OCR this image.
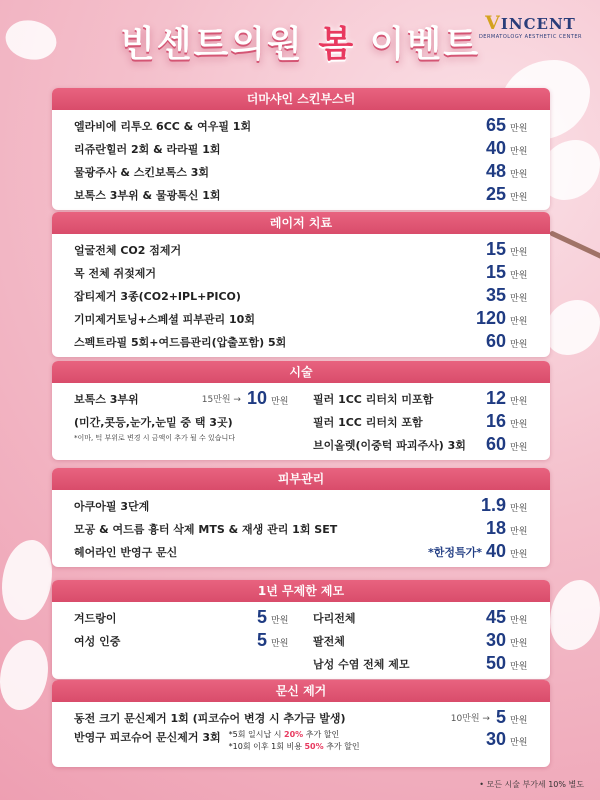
빈센트의원 봄 이벤트
VINCENT
DERMATOLOGY AESTHETIC CENTER
더마샤인 스킨부스터
엘라비에 리투오 6CC & 여우필 1회	65 만원
리쥬란힐러 2회 & 라라필 1회	40 만원
물광주사 & 스킨보톡스 3회	48 만원
보톡스 3부위 & 물광톡신 1회	25 만원
레이저 치료
얼굴전체 CO2 점제거	15 만원
목 전체 쥐젖제거	15 만원
잡티제거 3종(CO2+IPL+PICO)	35 만원
기미제거토닝+스페셜 피부관리 10회	120 만원
스펙트라필 5회+여드름관리(압출포함) 5회	60 만원
시술
보톡스 3부위	15만원 → 10 만원
(미간,콧등,눈가,눈밑 중 택 3곳)
*이마, 턱 부위로 변경 시 금액이 추가 될 수 있습니다
필러 1CC 리터치 미포함	12 만원
필러 1CC 리터치 포함	16 만원
브이올렛(이중턱 파괴주사) 3회	60 만원
피부관리
아쿠아필 3단계	1.9 만원
모공 & 여드름 흉터 삭제 MTS & 재생 관리 1회 SET	18 만원
헤어라인 반영구 문신	*한정특가* 40 만원
1년 무제한 제모
겨드랑이	5 만원
여성 인중	5 만원
다리전체	45 만원
팔전체	30 만원
남성 수염 전체 제모	50 만원
문신 제거
동전 크기 문신제거 1회 (피코슈어 변경 시 추가금 발생)	10만원 → 5 만원
반영구 피코슈어 문신제거 3회 *5회 일시납 시 20% 추가 할인
*10회 이후 1회 비용 50% 추가 할인	30 만원
• 모든 시술 부가세 10% 별도
